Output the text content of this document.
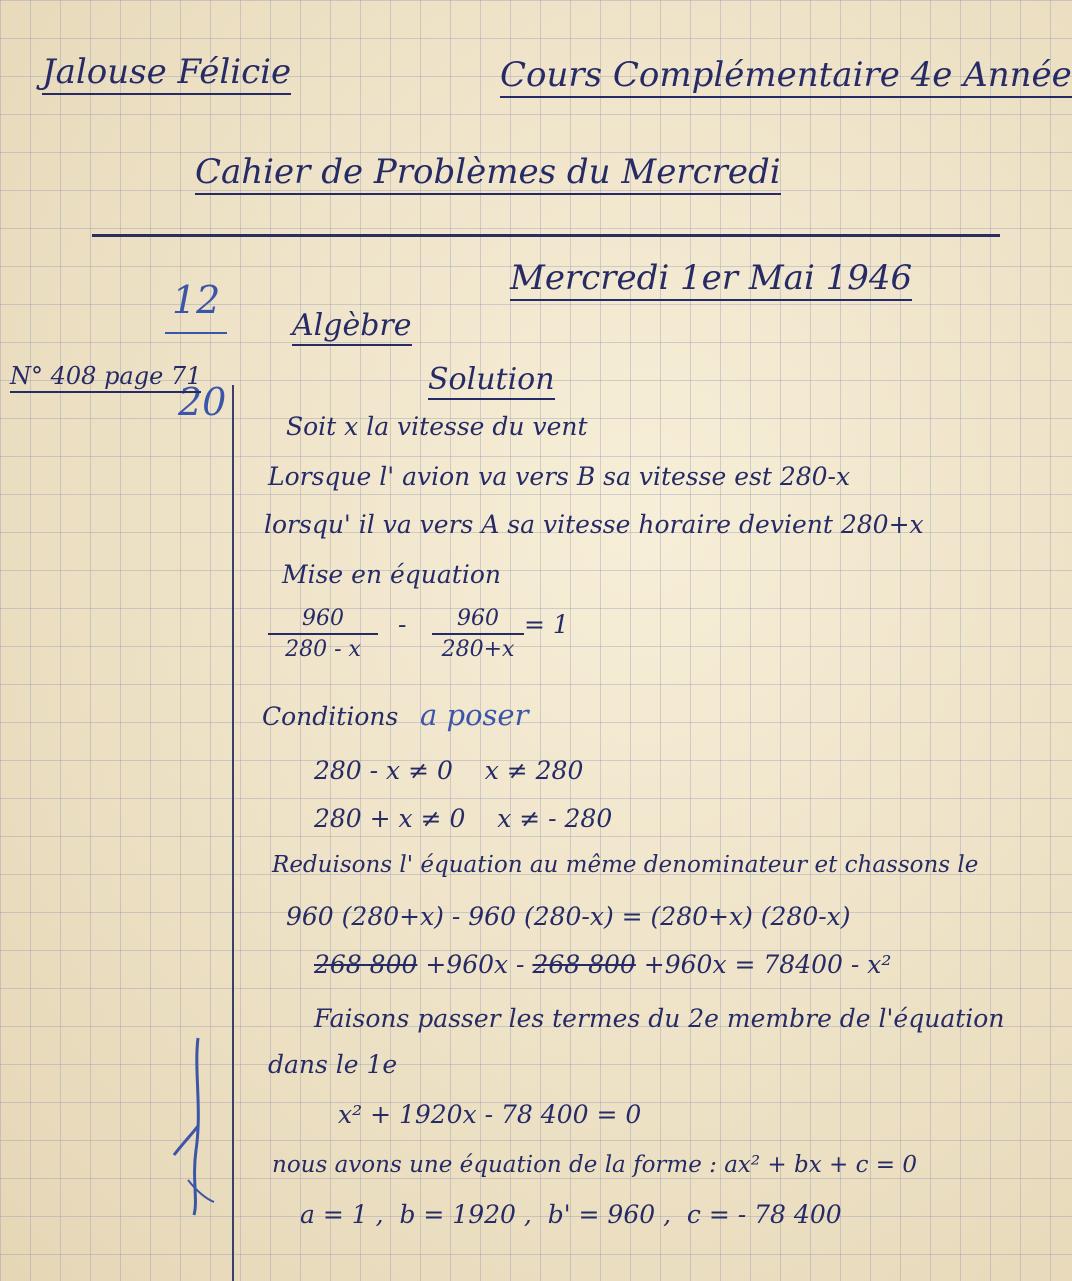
Jalouse Félicie	Cours Complémentaire 4e Année
Cahier de Problèmes du Mercredi
Mercredi 1er Mai 1946
12
20
N° 408 page 71
Algèbre
Solution
Soit x la vitesse du vent
Lorsque l' avion va vers B sa vitesse est 280-x
lorsqu' il va vers A sa vitesse horaire devient 280+x
Mise en équation
$\frac{960}{280 - x} - \frac{960}{280+x} = 1$
Conditions a poser
280 - x ≠ 0    x ≠ 280
280 + x ≠ 0    x ≠ - 280
Reduisons l' équation au même denominateur et chassons le
960 (280+x) - 960 (280-x) = (280+x) (280-x)
268 800 +960x - 268 800 +960x = 78400 - x²
Faisons passer les termes du 2e membre de l'équation
dans le 1e
x² + 1920x - 78 400 = 0
nous avons une équation de la forme : ax² + bx + c = 0
a = 1 ,  b = 1920 ,  b' = 960 ,  c = - 78 400
